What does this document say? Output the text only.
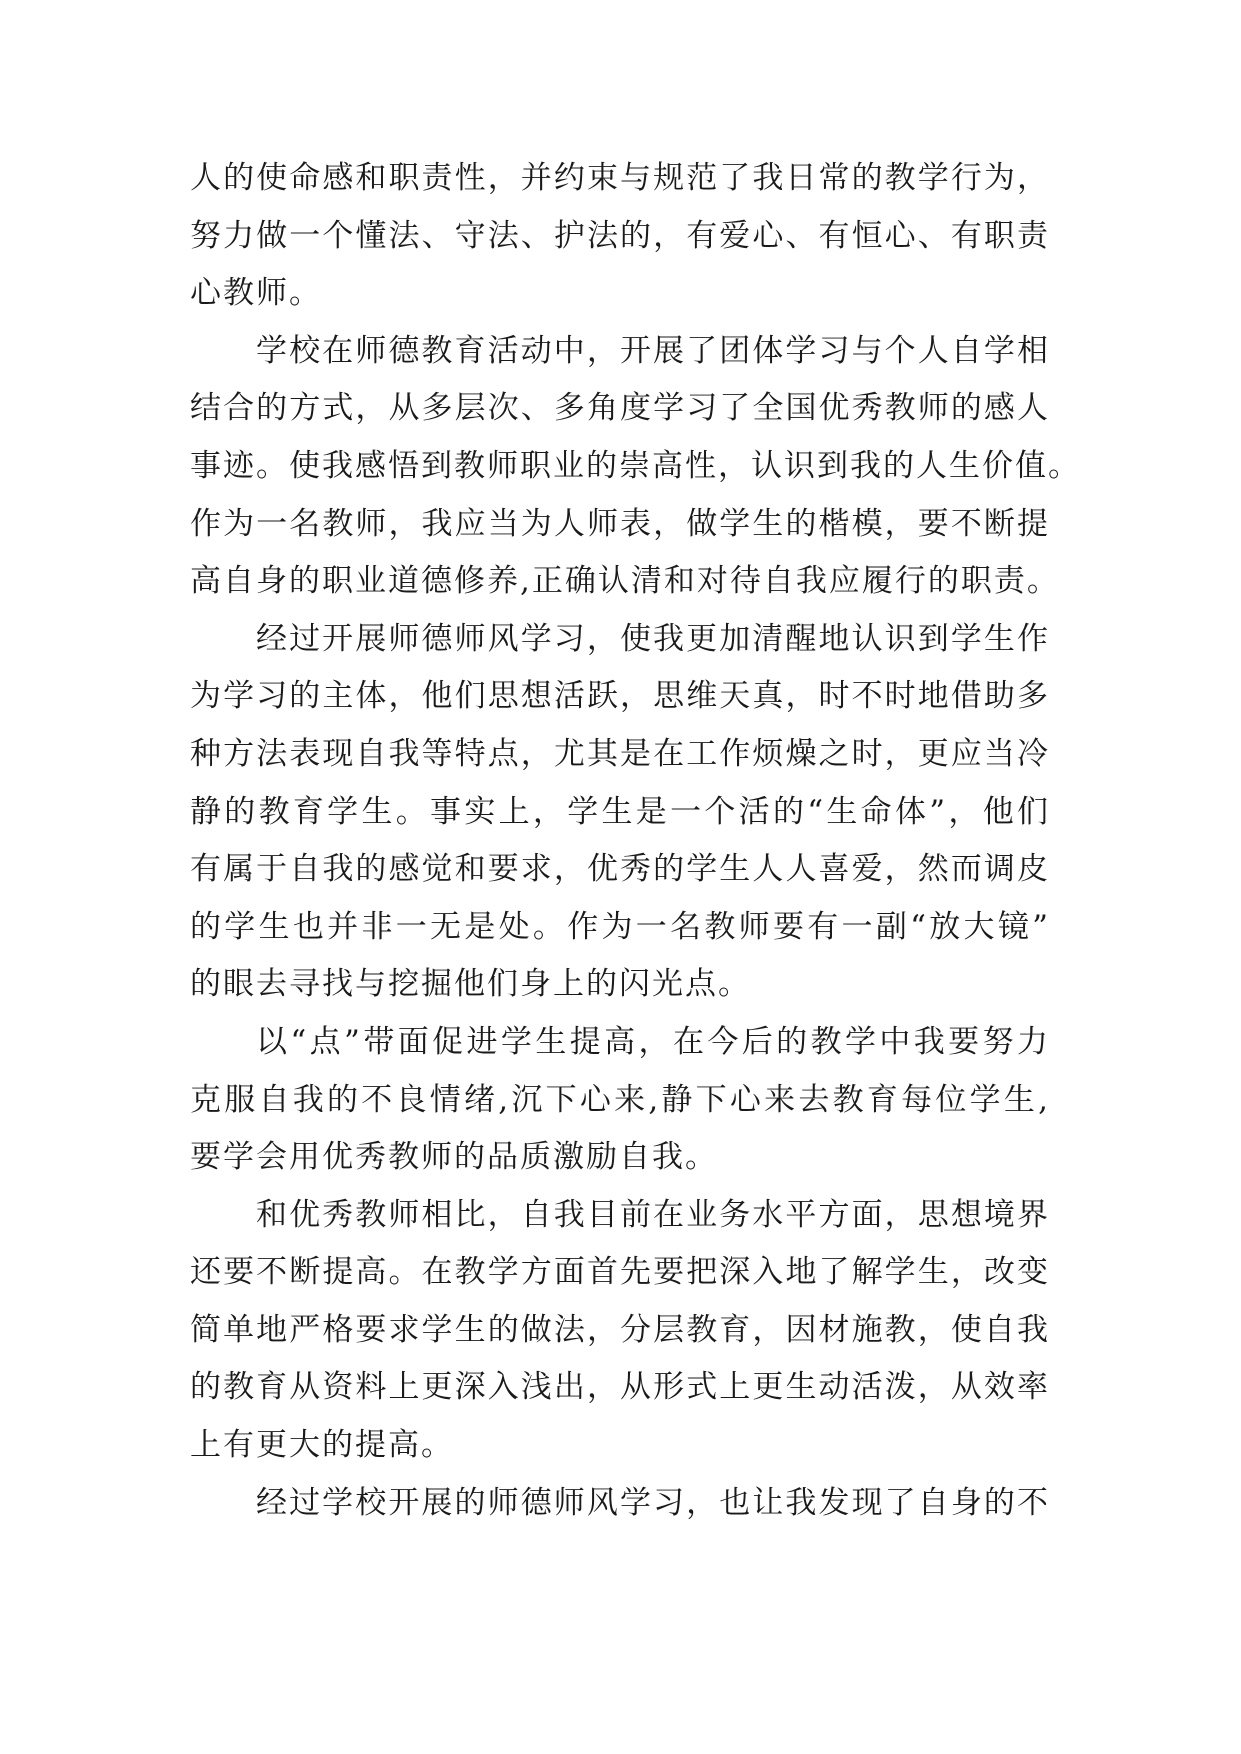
人的使命感和职责性，并约束与规范了我日常的教学行为，
努力做一个懂法、守法、护法的，有爱心、有恒心、有职责
心教师。
学校在师德教育活动中，开展了团体学习与个人自学相
结合的方式，从多层次、多角度学习了全国优秀教师的感人
事迹。使我感悟到教师职业的崇高性，认识到我的人生价值。
作为一名教师，我应当为人师表，做学生的楷模，要不断提
高自身的职业道德修养,正确认清和对待自我应履行的职责。
经过开展师德师风学习，使我更加清醒地认识到学生作
为学习的主体，他们思想活跃，思维天真，时不时地借助多
种方法表现自我等特点，尤其是在工作烦燥之时，更应当冷
静的教育学生。事实上，学生是一个活的“生命体”，他们
有属于自我的感觉和要求，优秀的学生人人喜爱，然而调皮
的学生也并非一无是处。作为一名教师要有一副“放大镜”
的眼去寻找与挖掘他们身上的闪光点。
以“点”带面促进学生提高，在今后的教学中我要努力
克服自我的不良情绪,沉下心来,静下心来去教育每位学生,
要学会用优秀教师的品质激励自我。
和优秀教师相比，自我目前在业务水平方面，思想境界
还要不断提高。在教学方面首先要把深入地了解学生，改变
简单地严格要求学生的做法，分层教育，因材施教，使自我
的教育从资料上更深入浅出，从形式上更生动活泼，从效率
上有更大的提高。
经过学校开展的师德师风学习，也让我发现了自身的不
